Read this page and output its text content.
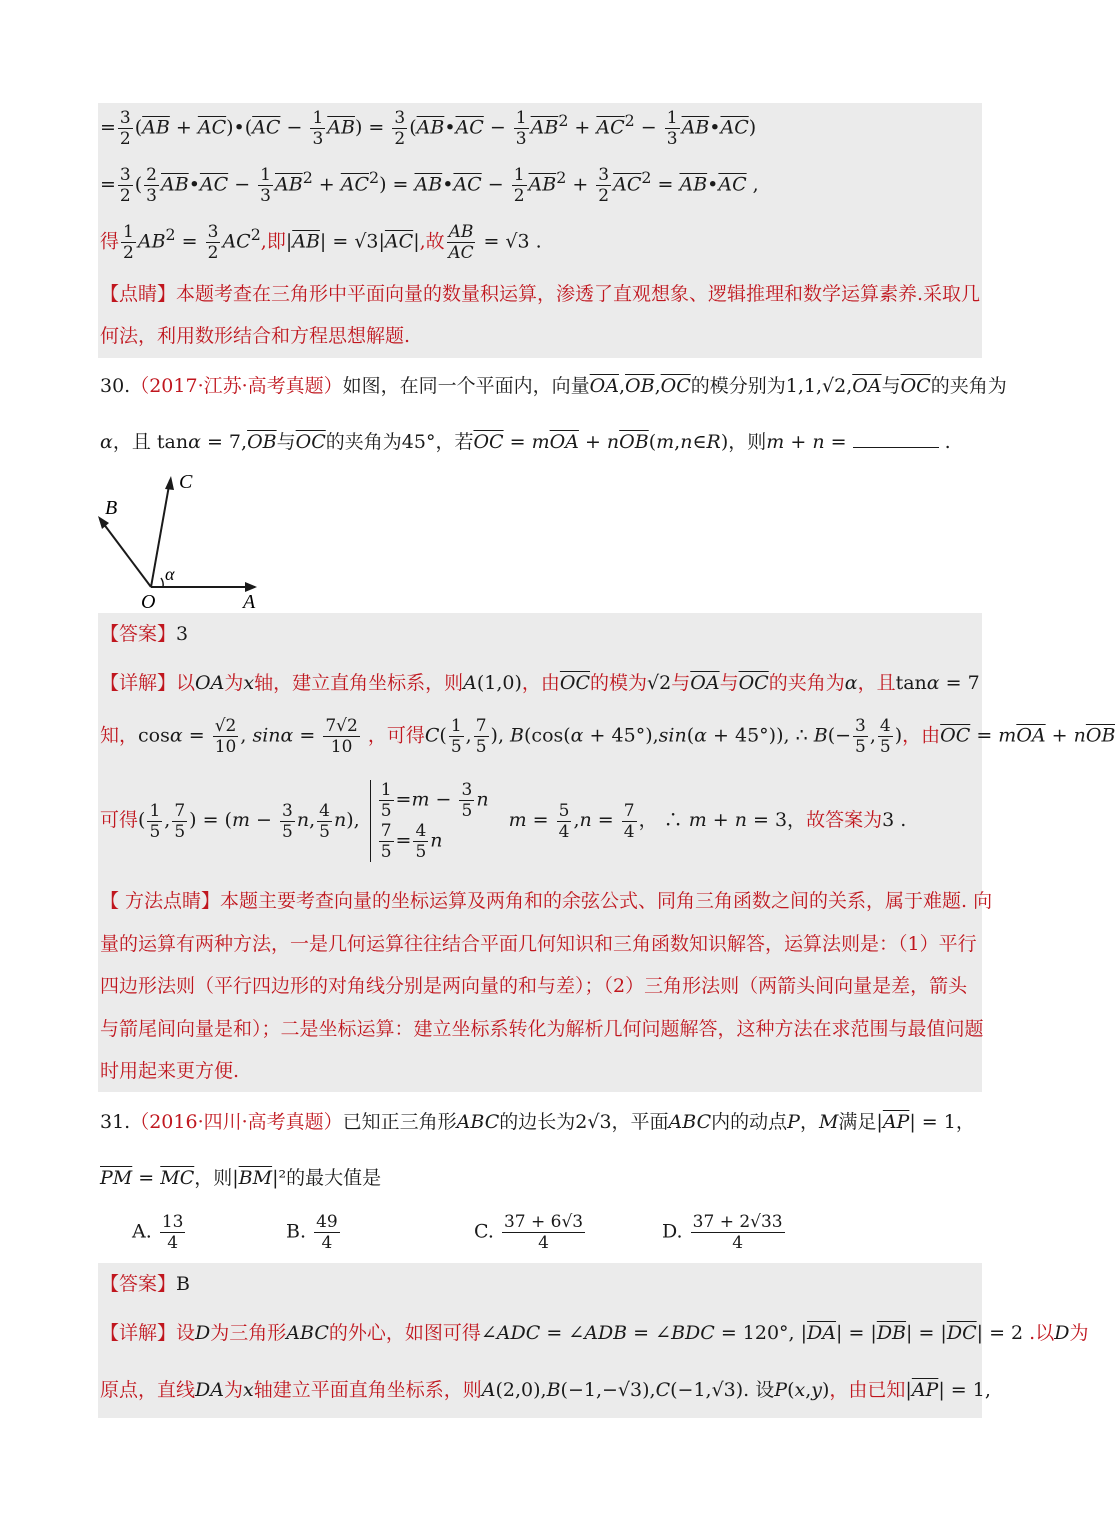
= $\frac{3}{2} (\overline{AB}$ + $\overline{AC})•(\overline{AC} - \frac{1}{3} \overline{AB}) = \frac{3}{2}$ ($\overline{AB}•\overline{AC} - \frac{1}{3} \overline{AB}^2 + \overline{AC}^2 - \frac{1}{3}$ $\overline{AB}•\overline{AC}$)
= $\frac{3}{2}$ ( $\frac{2}{3}$ $\overline{AB}•\overline{AC} - \frac{1}{3} \overline{AB}^2 + \overline{AC}^2$) = $\overline{AB}•\overline{AC} - \frac{1}{2} \overline{AB}^2 + \frac{3}{2} \overline{AC}^2$ = $\overline{AB}•\overline{AC}$ ,
得 $\frac{1}{2} AB^2 = \frac{3}{2} AC^2$,即$|\overline{AB}| = √3|\overline{AC}|$,故 $\frac{AB}{AC} = √3$ .
【点睛】本题考查在三角形中平面向量的数量积运算，渗透了直观想象、逻辑推理和数学运算素养.采取几
何法，利用数形结合和方程思想解题.
30.（2017·江苏·高考真题）如图，在同一个平面内，向量$\overline{OA},\overline{OB},\overline{OC}$的模分别为$1,1,√2,\overline{OA}$与$\overline{OC}$的夹角为
α，且 $\tan\alpha = 7,\overline{OB}$与$\overline{OC}$的夹角为45°，若$\overline{OC} = m\overline{OA}$ + $n\overline{OB}(m,n\in R)$，则m + n =	.
B
C
α
O	A
【答案】3
【详解】以OA为x轴，建立直角坐标系，则A(1,0)，由$\overline{OC}$的模为√2与$\overline{OA}$与$\overline{OC}$的夹角为α，且tanα = 7
知，$\cos\alpha = \frac{√2}{10}$ , $\sin\alpha = \frac{7√2}{10}$ ，可得$C( \frac{1}{5}$ , $\frac{7}{5}$ ), B(cos(α + 45°),sin(α + 45°)), ∴ $B(- \frac{3}{5}$ , $\frac{4}{5}$ )，由$\overline{OC} = m\overline{OA} + n\overline{OB}$
可得( $\frac{1}{5}$ , $\frac{7}{5}$ ) = ($m - \frac{3}{5} n$, $\frac{4}{5} n$), $\frac{1}{5} =m - \frac{3}{5}$ n
$\frac{7}{5} = \frac{4}{5}$ n
$m = \frac{5}{4} ,n = \frac{7}{4}$ ， ∴ m + n = 3，故答案为3 .
【 方法点睛】本题主要考查向量的坐标运算及两角和的余弦公式、同角三角函数之间的关系，属于难题. 向
量的运算有两种方法，一是几何运算往往结合平面几何知识和三角函数知识解答，运算法则是：（1）平行
四边形法则（平行四边形的对角线分别是两向量的和与差）；（2）三角形法则（两箭头间向量是差，箭头
与箭尾间向量是和）；二是坐标运算：建立坐标系转化为解析几何问题解答，这种方法在求范围与最值问题
时用起来更方便.
31.（2016·四川·高考真题）已知正三角形ABC的边长为2√3，平面ABC内的动点P，M满足$|\overline{AP}| = 1$，
$\overline{PM} = \overline{MC}$，则$|\overline{BM}|^2$的最大值是
A. $\frac{13}{4}$	B. $\frac{49}{4}$	C. $\frac{37 + 6√3}{4}$	D. $\frac{37 + 2√33}{4}$
【答案】B
【详解】设D为三角形ABC的外心，如图可得∠ADC = ∠ADB = ∠BDC = 120°, $|\overline{DA}| = |\overline{DB}| = |\overline{DC}| = 2$ .以D为
原点，直线DA为x轴建立平面直角坐标系，则A(2,0),B(−1,−√3),C(−1,√3). 设P(x,y)，由已知$|\overline{AP}| = 1$,
